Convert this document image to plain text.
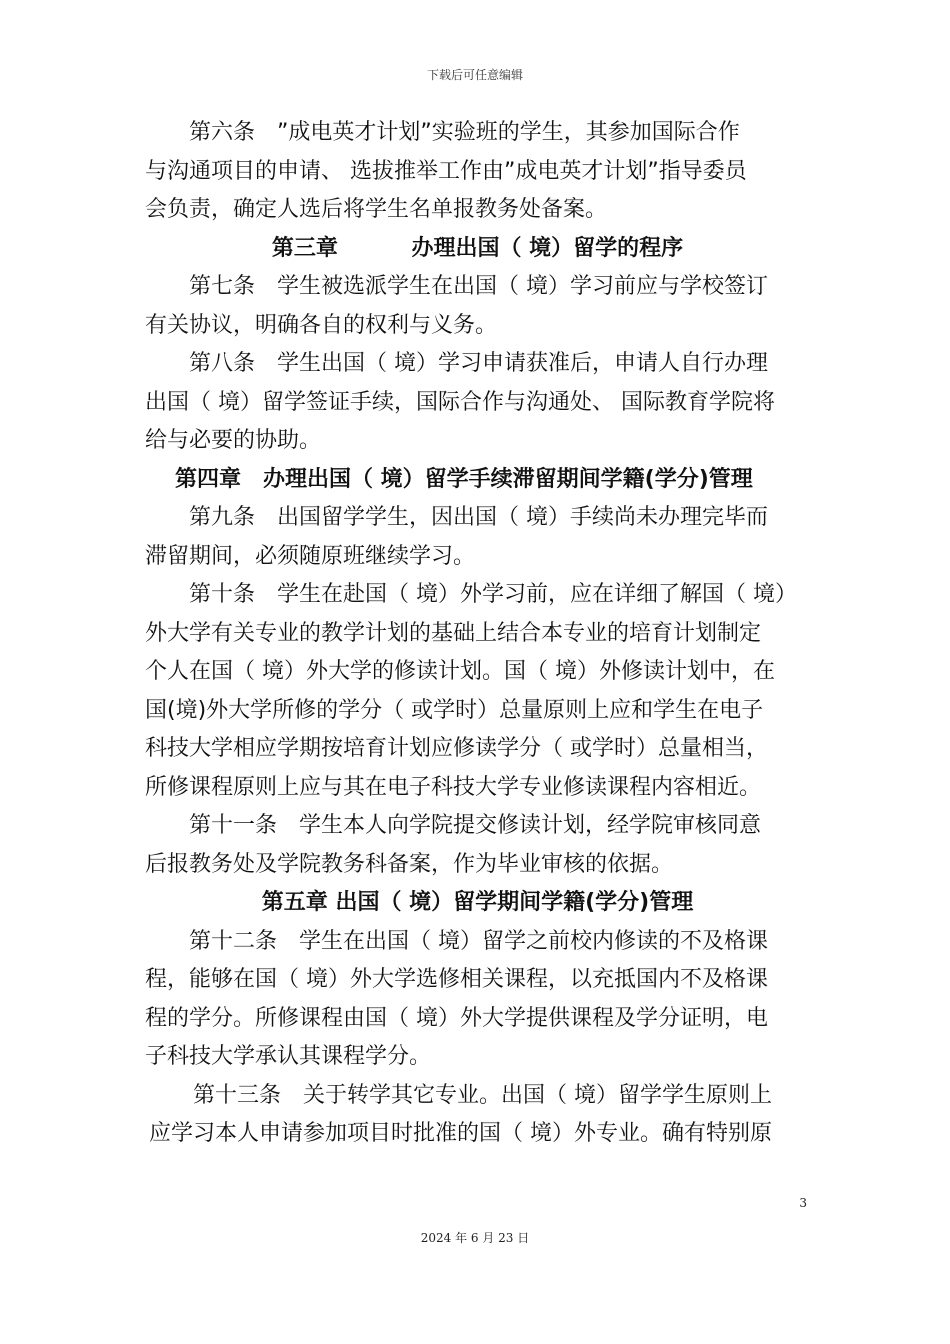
下载后可任意编辑
第六条　”成电英才计划”实验班的学生，其参加国际合作
与沟通项目的申请、 选拔推举工作由”成电英才计划”指导委员
会负责，确定人选后将学生名单报教务处备案。
第三章　　　 办理出国（ 境）留学的程序
第七条　学生被选派学生在出国（ 境）学习前应与学校签订
有关协议，明确各自的权利与义务。
第八条　学生出国（ 境）学习申请获准后，申请人自行办理
出国（ 境）留学签证手续，国际合作与沟通处、 国际教育学院将
给与必要的协助。
第四章　办理出国（ 境）留学手续滞留期间学籍(学分)管理
第九条　出国留学学生，因出国（ 境）手续尚未办理完毕而
滞留期间，必须随原班继续学习。
第十条　学生在赴国（ 境）外学习前，应在详细了解国（ 境）
外大学有关专业的教学计划的基础上结合本专业的培育计划制定
个人在国（ 境）外大学的修读计划。国（ 境）外修读计划中，在
国(境)外大学所修的学分（ 或学时）总量原则上应和学生在电子
科技大学相应学期按培育计划应修读学分（ 或学时）总量相当，
所修课程原则上应与其在电子科技大学专业修读课程内容相近。
第十一条　学生本人向学院提交修读计划，经学院审核同意
后报教务处及学院教务科备案，作为毕业审核的依据。
第五章 出国（ 境）留学期间学籍(学分)管理
第十二条　学生在出国（ 境）留学之前校内修读的不及格课
程，能够在国（ 境）外大学选修相关课程，以充抵国内不及格课
程的学分。所修课程由国（ 境）外大学提供课程及学分证明，电
子科技大学承认其课程学分。
第十三条　关于转学其它专业。出国（ 境）留学学生原则上
应学习本人申请参加项目时批准的国（ 境）外专业。确有特别原
3
2024 年 6 月 23 日
